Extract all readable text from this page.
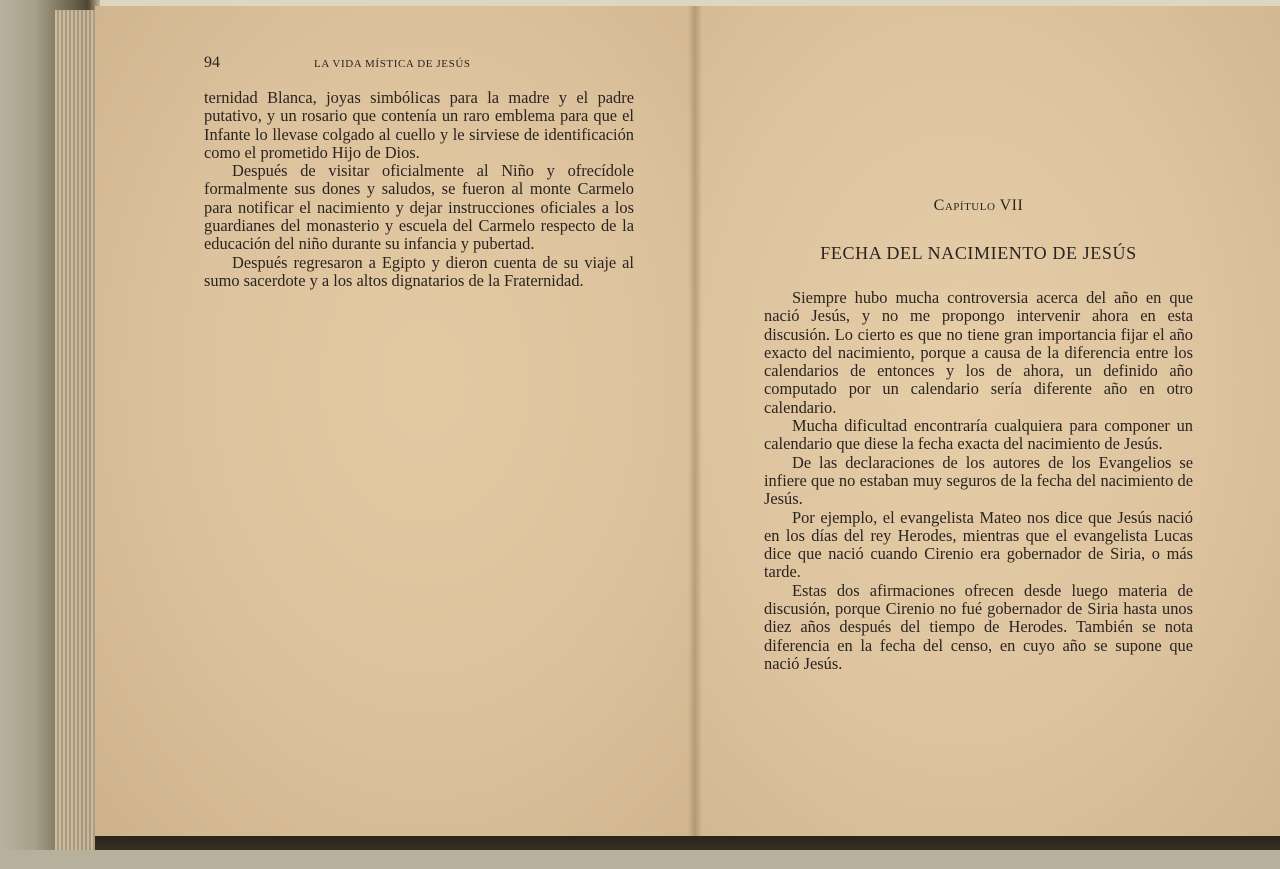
94	LA VIDA MÍSTICA DE JESÚS

ternidad Blanca, joyas simbólicas para la madre y el padre putativo, y un rosario que contenía un raro emblema para que el Infante lo llevase colgado al cuello y le sirviese de identificación como el prometido Hijo de Dios.

Después de visitar oficialmente al Niño y ofrecídole formalmente sus dones y saludos, se fueron al monte Carmelo para notificar el nacimiento y dejar instrucciones oficiales a los guardianes del monasterio y escuela del Carmelo respecto de la educación del niño durante su infancia y pubertad.

Después regresaron a Egipto y dieron cuenta de su viaje al sumo sacerdote y a los altos dignatarios de la Fraternidad.

Capítulo VII
FECHA DEL NACIMIENTO DE JESÚS

Siempre hubo mucha controversia acerca del año en que nació Jesús, y no me propongo intervenir ahora en esta discusión. Lo cierto es que no tiene gran importancia fijar el año exacto del nacimiento, porque a causa de la diferencia entre los calendarios de entonces y los de ahora, un definido año computado por un calendario sería diferente año en otro calendario.

Mucha dificultad encontraría cualquiera para componer un calendario que diese la fecha exacta del nacimiento de Jesús.

De las declaraciones de los autores de los Evangelios se infiere que no estaban muy seguros de la fecha del nacimiento de Jesús.

Por ejemplo, el evangelista Mateo nos dice que Jesús nació en los días del rey Herodes, mientras que el evangelista Lucas dice que nació cuando Cirenio era gobernador de Siria, o más tarde.

Estas dos afirmaciones ofrecen desde luego materia de discusión, porque Cirenio no fué gobernador de Siria hasta unos diez años después del tiempo de Herodes. También se nota diferencia en la fecha del censo, en cuyo año se supone que nació Jesús.
